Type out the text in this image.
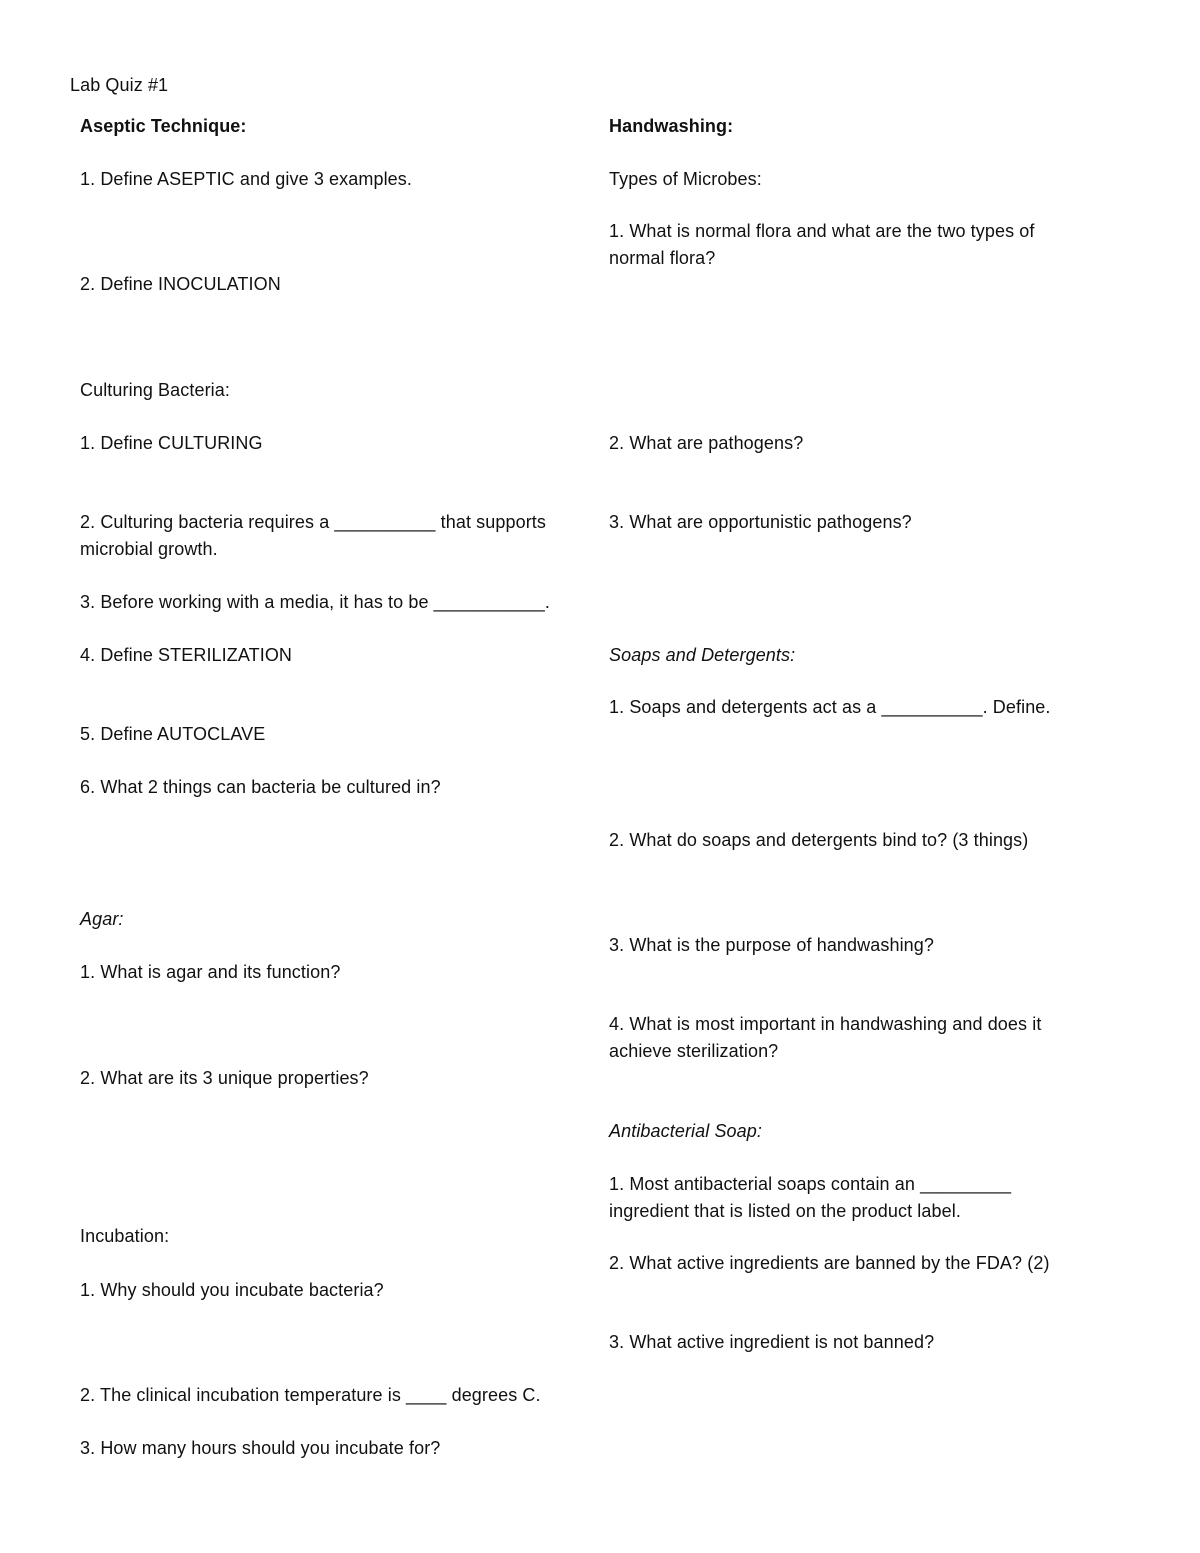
Lab Quiz #1
Aseptic Technique:
1. Define ASEPTIC and give 3 examples.
2. Define INOCULATION
Culturing Bacteria:
1. Define CULTURING
2. Culturing bacteria requires a __________ that supports
microbial growth.
3. Before working with a media, it has to be ___________.
4. Define STERILIZATION
5. Define AUTOCLAVE
6. What 2 things can bacteria be cultured in?
Agar:
1. What is agar and its function?
2. What are its 3 unique properties?
Incubation:
1. Why should you incubate bacteria?
2. The clinical incubation temperature is ____ degrees C.
3. How many hours should you incubate for?
Handwashing:
Types of Microbes:
1. What is normal flora and what are the two types of
normal flora?
2. What are pathogens?
3. What are opportunistic pathogens?
Soaps and Detergents:
1. Soaps and detergents act as a __________. Define.
2. What do soaps and detergents bind to? (3 things)
3. What is the purpose of handwashing?
4. What is most important in handwashing and does it
achieve sterilization?
Antibacterial Soap:
1. Most antibacterial soaps contain an _________
ingredient that is listed on the product label.
2. What active ingredients are banned by the FDA? (2)
3. What active ingredient is not banned?
